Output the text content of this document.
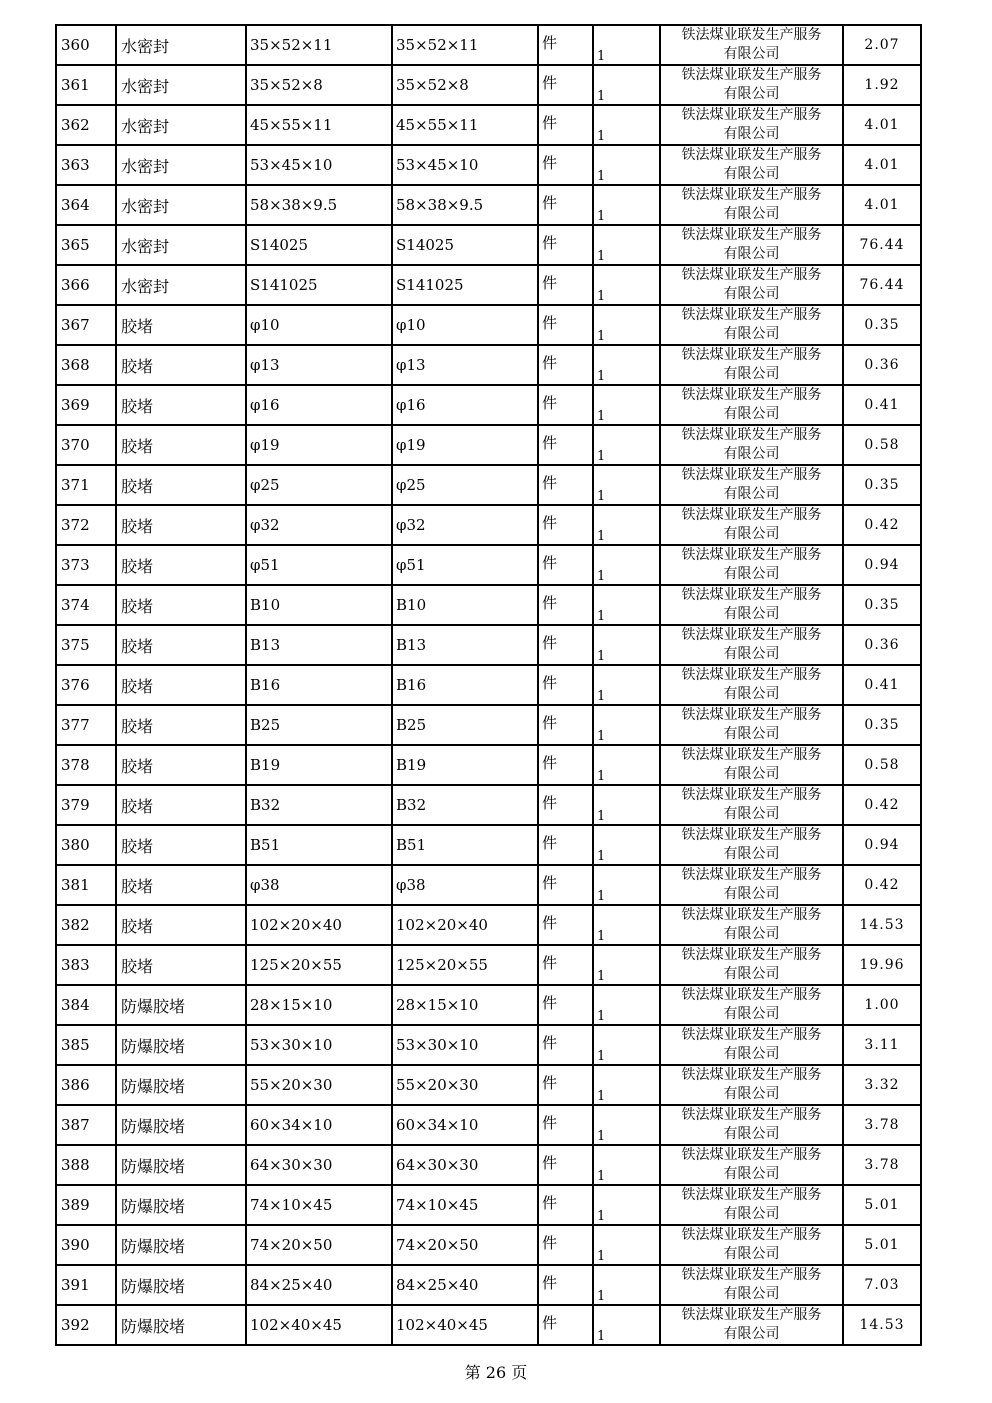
360	水密封	35×52×11	35×52×11	件	1	铁法煤业联发生产服务
有限公司	2.07
361	水密封	35×52×8	35×52×8	件	1	铁法煤业联发生产服务
有限公司	1.92
362	水密封	45×55×11	45×55×11	件	1	铁法煤业联发生产服务
有限公司	4.01
363	水密封	53×45×10	53×45×10	件	1	铁法煤业联发生产服务
有限公司	4.01
364	水密封	58×38×9.5	58×38×9.5	件	1	铁法煤业联发生产服务
有限公司	4.01
365	水密封	S14025	S14025	件	1	铁法煤业联发生产服务
有限公司	76.44
366	水密封	S141025	S141025	件	1	铁法煤业联发生产服务
有限公司	76.44
367	胶堵	φ10	φ10	件	1	铁法煤业联发生产服务
有限公司	0.35
368	胶堵	φ13	φ13	件	1	铁法煤业联发生产服务
有限公司	0.36
369	胶堵	φ16	φ16	件	1	铁法煤业联发生产服务
有限公司	0.41
370	胶堵	φ19	φ19	件	1	铁法煤业联发生产服务
有限公司	0.58
371	胶堵	φ25	φ25	件	1	铁法煤业联发生产服务
有限公司	0.35
372	胶堵	φ32	φ32	件	1	铁法煤业联发生产服务
有限公司	0.42
373	胶堵	φ51	φ51	件	1	铁法煤业联发生产服务
有限公司	0.94
374	胶堵	B10	B10	件	1	铁法煤业联发生产服务
有限公司	0.35
375	胶堵	B13	B13	件	1	铁法煤业联发生产服务
有限公司	0.36
376	胶堵	B16	B16	件	1	铁法煤业联发生产服务
有限公司	0.41
377	胶堵	B25	B25	件	1	铁法煤业联发生产服务
有限公司	0.35
378	胶堵	B19	B19	件	1	铁法煤业联发生产服务
有限公司	0.58
379	胶堵	B32	B32	件	1	铁法煤业联发生产服务
有限公司	0.42
380	胶堵	B51	B51	件	1	铁法煤业联发生产服务
有限公司	0.94
381	胶堵	φ38	φ38	件	1	铁法煤业联发生产服务
有限公司	0.42
382	胶堵	102×20×40	102×20×40	件	1	铁法煤业联发生产服务
有限公司	14.53
383	胶堵	125×20×55	125×20×55	件	1	铁法煤业联发生产服务
有限公司	19.96
384	防爆胶堵	28×15×10	28×15×10	件	1	铁法煤业联发生产服务
有限公司	1.00
385	防爆胶堵	53×30×10	53×30×10	件	1	铁法煤业联发生产服务
有限公司	3.11
386	防爆胶堵	55×20×30	55×20×30	件	1	铁法煤业联发生产服务
有限公司	3.32
387	防爆胶堵	60×34×10	60×34×10	件	1	铁法煤业联发生产服务
有限公司	3.78
388	防爆胶堵	64×30×30	64×30×30	件	1	铁法煤业联发生产服务
有限公司	3.78
389	防爆胶堵	74×10×45	74×10×45	件	1	铁法煤业联发生产服务
有限公司	5.01
390	防爆胶堵	74×20×50	74×20×50	件	1	铁法煤业联发生产服务
有限公司	5.01
391	防爆胶堵	84×25×40	84×25×40	件	1	铁法煤业联发生产服务
有限公司	7.03
392	防爆胶堵	102×40×45	102×40×45	件	1	铁法煤业联发生产服务
有限公司	14.53
第 26 页
